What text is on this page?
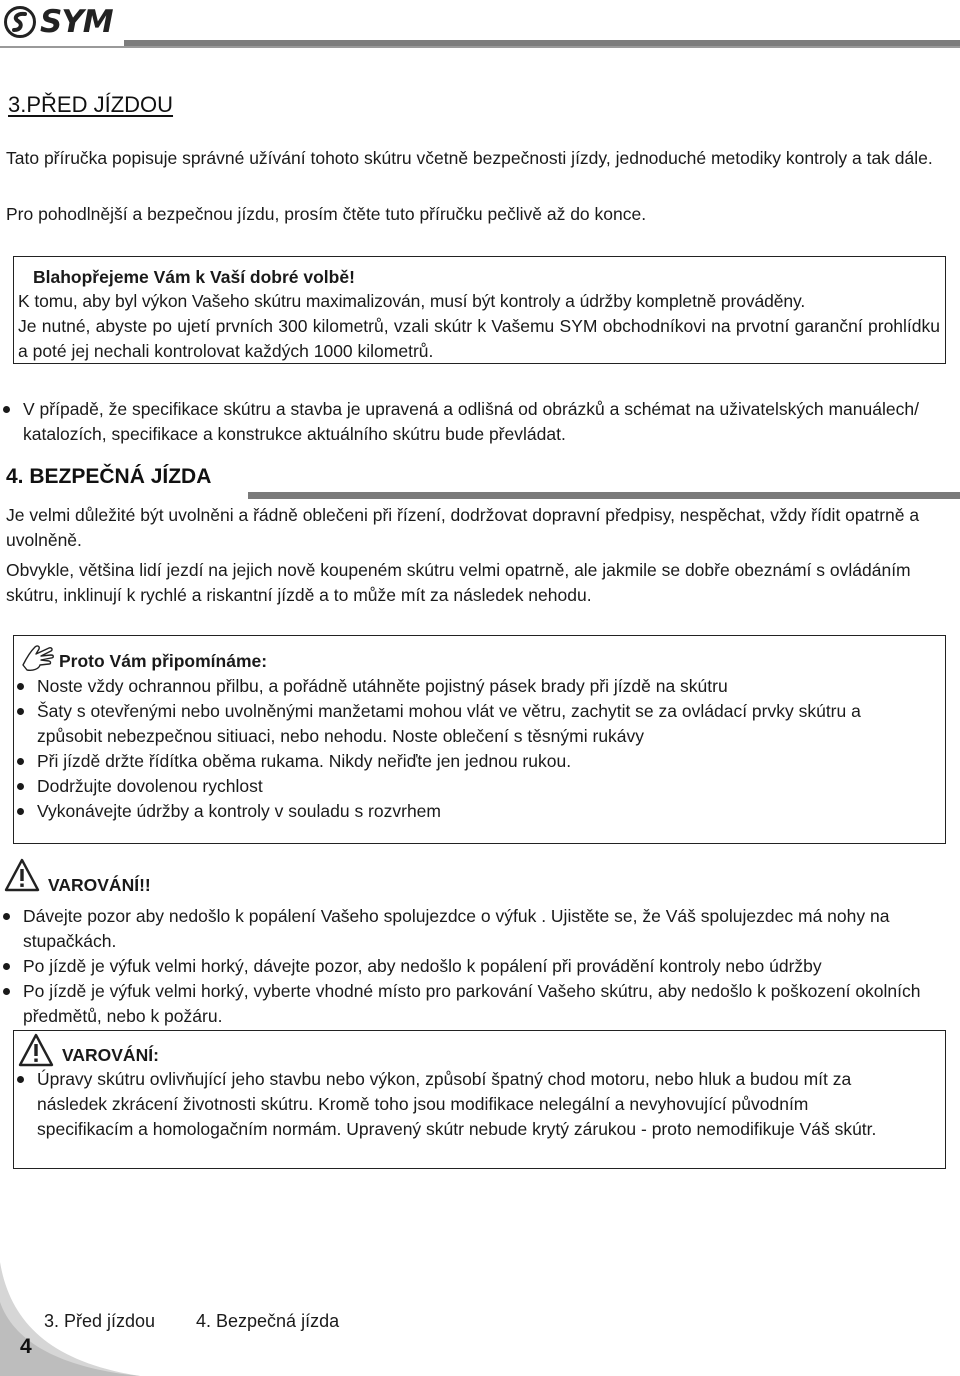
SYM
3.PŘED JÍZDOU
Tato příručka popisuje správné užívání tohoto skútru včetně bezpečnosti jízdy, jednoduché metodiky kontroly a tak dále.
Pro pohodlnější a bezpečnou jízdu, prosím čtěte tuto příručku pečlivě až do konce.
Blahopřejeme Vám k Vaší dobré volbě!
K tomu, aby byl výkon Vašeho skútru maximalizován, musí být kontroly a údržby kompletně prováděny.
Je nutné, abyste po ujetí prvních 300 kilometrů, vzali skútr k Vašemu SYM obchodníkovi na prvotní garanční prohlídku a poté jej nechali kontrolovat každých 1000 kilometrů.
V případě, že specifikace skútru a stavba je upravená a odlišná od obrázků a schémat na uživatelských manuálech/ katalozích, specifikace a konstrukce aktuálního skútru bude převládat.
4. BEZPEČNÁ JÍZDA
Je velmi důležité být uvolněni a řádně oblečeni při řízení, dodržovat dopravní předpisy, nespěchat, vždy řídit opatrně a uvolněně.
Obvykle, většina lidí jezdí na jejich nově koupeném skútru velmi opatrně, ale jakmile se dobře obeznámí s ovládáním skútru, inklinují k rychlé a riskantní jízdě a to může mít za následek nehodu.
Proto Vám připomínáme:
Noste vždy ochrannou přilbu, a pořádně utáhněte pojistný pásek brady při jízdě na skútru
Šaty s otevřenými nebo uvolněnými manžetami mohou vlát ve větru, zachytit se za ovládací prvky skútru a způsobit nebezpečnou sitiuaci, nebo nehodu. Noste oblečení s těsnými rukávy
Při jízdě držte řídítka oběma rukama. Nikdy neřiďte jen jednou rukou.
Dodržujte dovolenou rychlost
Vykonávejte údržby a kontroly v souladu s rozvrhem
VAROVÁNÍ!!
Dávejte pozor aby nedošlo k popálení Vašeho spolujezdce o výfuk . Ujistěte se, že Váš spolujezdec má nohy na stupačkách.
Po jízdě je výfuk velmi horký, dávejte pozor, aby nedošlo k popálení při provádění kontroly nebo údržby
Po jízdě je výfuk velmi horký, vyberte vhodné místo pro parkování Vašeho skútru, aby nedošlo k poškození okolních předmětů, nebo k požáru.
VAROVÁNÍ:
Úpravy skútru ovlivňující jeho stavbu nebo výkon, způsobí špatný chod motoru, nebo hluk a budou mít za následek zkrácení životnosti skútru. Kromě toho jsou modifikace nelegální a nevyhovující původním specifikacím a homologačním normám. Upravený skútr nebude krytý zárukou - proto nemodifikuje Váš skútr.
4
3. Před jízdou 4. Bezpečná jízda
